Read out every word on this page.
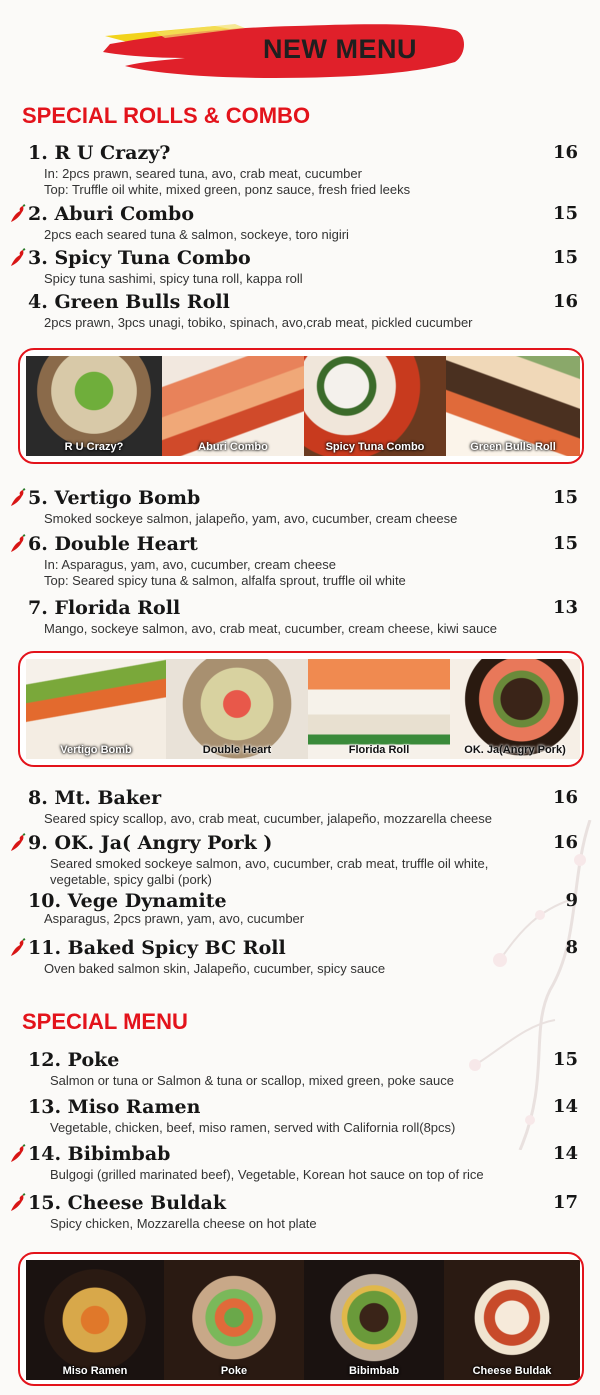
NEW MENU
SPECIAL ROLLS & COMBO
1. R U Crazy?	16
In: 2pcs prawn, seared tuna, avo, crab meat, cucumber
Top: Truffle oil white, mixed green, ponz sauce, fresh fried leeks
2. Aburi Combo	15
2pcs each seared tuna & salmon, sockeye, toro nigiri
3. Spicy Tuna Combo	15
Spicy tuna sashimi, spicy tuna roll, kappa roll
4. Green Bulls Roll	16
2pcs prawn, 3pcs unagi, tobiko, spinach, avo,crab meat, pickled cucumber
R U Crazy?	Aburi Combo	Spicy Tuna Combo	Green Bulls Roll
5. Vertigo Bomb	15
Smoked sockeye salmon, jalapeño, yam, avo, cucumber, cream cheese
6. Double Heart	15
In: Asparagus, yam, avo, cucumber, cream cheese
Top: Seared spicy tuna & salmon, alfalfa sprout, truffle oil white
7. Florida Roll	13
Mango, sockeye salmon, avo, crab meat, cucumber, cream cheese, kiwi sauce
Vertigo Bomb	Double Heart	Florida Roll	OK. Ja(Angry Pork)
8. Mt. Baker	16
Seared spicy scallop, avo, crab meat, cucumber, jalapeño, mozzarella cheese
9. OK. Ja( Angry Pork )	16
Seared smoked sockeye salmon, avo, cucumber, crab meat, truffle oil white,
vegetable, spicy galbi (pork)
10. Vege Dynamite	9
Asparagus, 2pcs prawn, yam, avo, cucumber
11. Baked Spicy BC Roll	8
Oven baked salmon skin, Jalapeño, cucumber, spicy sauce
SPECIAL MENU
12. Poke	15
Salmon or tuna or Salmon & tuna or scallop, mixed green, poke sauce
13. Miso Ramen	14
Vegetable, chicken, beef, miso ramen, served with California roll(8pcs)
14. Bibimbab	14
Bulgogi (grilled marinated beef), Vegetable, Korean hot sauce on top of rice
15. Cheese Buldak	17
Spicy chicken, Mozzarella cheese on hot plate
Miso Ramen	Poke	Bibimbab	Cheese Buldak
